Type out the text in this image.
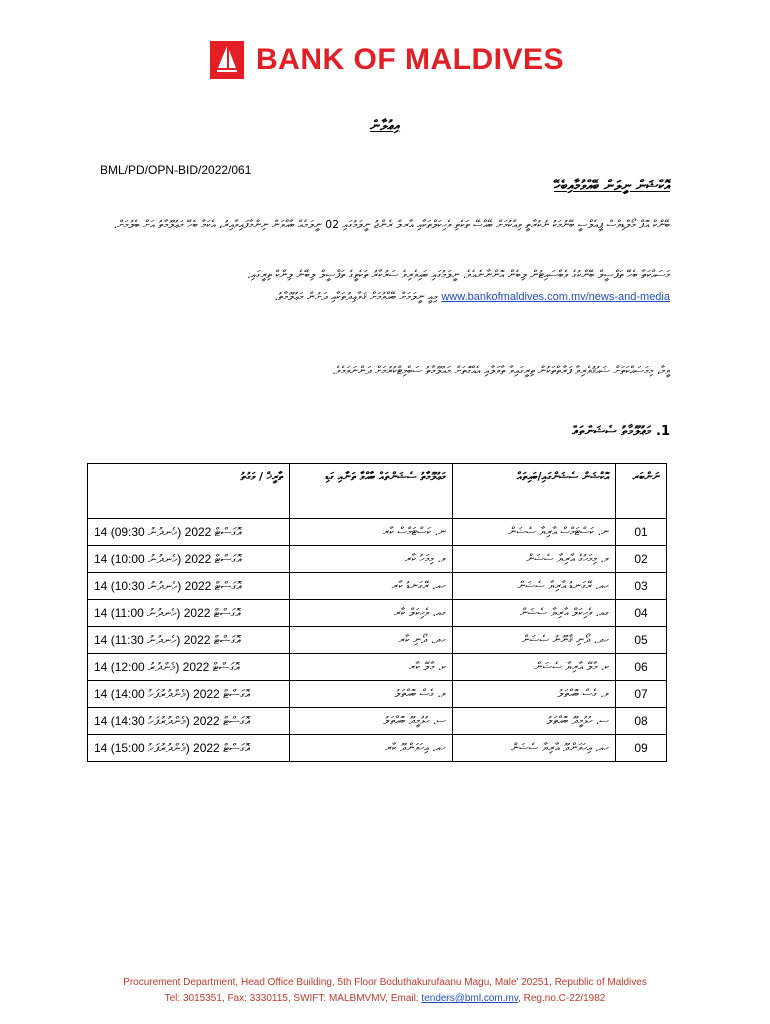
BANK OF MALDIVES
އިޢުލާން
BML/PD/OPN-BID/2022/061
އޮކްޝަން ނީލަން ބޭއްވުމާއިބެހޭ
ބޭންކް އޮފް މޯލްޑިވްސް ޕީއެލްސީ ބޭނުމަކު ނުކުރާތީ ވިއްކުމަށް ބޭއްސޭ ތަކެތި ވެހިކަލްތަކާއި އާރލް ރެންޖު ނީލަމުގައި 02 ނީލަމެއް ބާއްވަން ނިންމާފައިވާއިރު، އެކަމާ ބެހޭ މަޢުލޫމާތު އަށް ބެލުމަށް.
މަސައްކަތާ ބެހޭ ތަފްސީލް ބޭންކުގެ ވެބްސައިޓުން ލިބެން އޮންނާނެއެވެ. ނީލަމުގައި ބައިވެރިވެ ސަރުކާރު ތަކެތީގެ ތަފްސީލް ލިބޭނެ ލިންކް ތިރީގައި. www.bankofmaldives.com.mv/news-and-media މިއީ ނީލަމަށް ބޭއްވުމަށް ޤަވާޢިދުތަކާއި ދަށުން މަޢުލޫމާތު.
ވީމާ، މިމަސައްކަތަށް ޝައުޤުވެރިވާ ފަރާތްތަކުން ތިރީގައިވާ ތާވަލާއި އެއްގޮތަށް މައުލޫމާތު ސަބްމިޓްކުރުމަށް ދަންނަވަމެވެ.
1. މަޢުލޫމާތު ސެޝަންތައް
ތާރީޚް / ވަގުތު	މަޢުލޫމާތު ސެޝަންތައް ބާއްވާ ތަނާއި ގަޑި	އޮކްޝަން ސެޝަންގައި/ބައިތައް	ނަންބަރ
14 އޮގަސްޓް 2022 (ހެނދުނު 09:30)	ނ. ކަސްޓަމްސް ކާރ	ނ. ކަސްޓަމްސް އާރިޔާ ސެޝަން	01
14 އޮގަސްޓް 2022 (ހެނދުނު 10:00)	ވ. މިމަހު ކާރ	ވ. މިމަހުގެ އާރިޔާ ސެޝަން	02
14 އޮގަސްޓް 2022 (ހެނދުނު 10:30)	ހއ. ރޭގަނޑު ކާރ	ހއ. ރޭގަނޑު އާރިޔާ ސެޝަން	03
14 އޮގަސްޓް 2022 (ހެނދުނު 11:00)	ގއ. ވެހިކަލް ކާރ	ގއ. ވެހިކަލް އާރިޔާ ސެޝަން	04
14 އޮގަސްޓް 2022 (ހެނދުނު 11:30)	ހދ. ދޯނި ކާރ	ހދ. ދޯނި ޤާނޫނު ސެޝަން	05
14 އޮގަސްޓް 2022 (މެންދުރު 12:00)	ކ. މާލޭ ކާރ	ކ. މާލޭ އާރިޔާ ސެޝަން	06
14 އޮގަސްޓް 2022 (މެންދުރުފަހު 14:00)	ވ. ގެސް ބޮއްތަލު	ވ. ގެސް ބޮއްތަލު	07
14 އޮގަސްޓް 2022 (މެންދުރުފަހު 14:30)	ސ. ހުޅުމީދޫ ބޮއްތަލު	ސ. ހުޅުމީދޫ ބޮއްތަލު	08
14 އޮގަސްޓް 2022 (މެންދުރުފަހު 15:00)	ހއ. އިހަވަންދޫ ކާރ	ހއ. އިހަވަންދޫ އާރިޔާ ސެޝަން	09
Procurement Department, Head Office Building, 5th Floor Boduthakurufaanu Magu, Male' 20251, Republic of Maldives
Tel: 3015351, Fax: 3330115, SWIFT: MALBMVMV, Email: tenders@bml.com.mv, Reg.no.C-22/1982
